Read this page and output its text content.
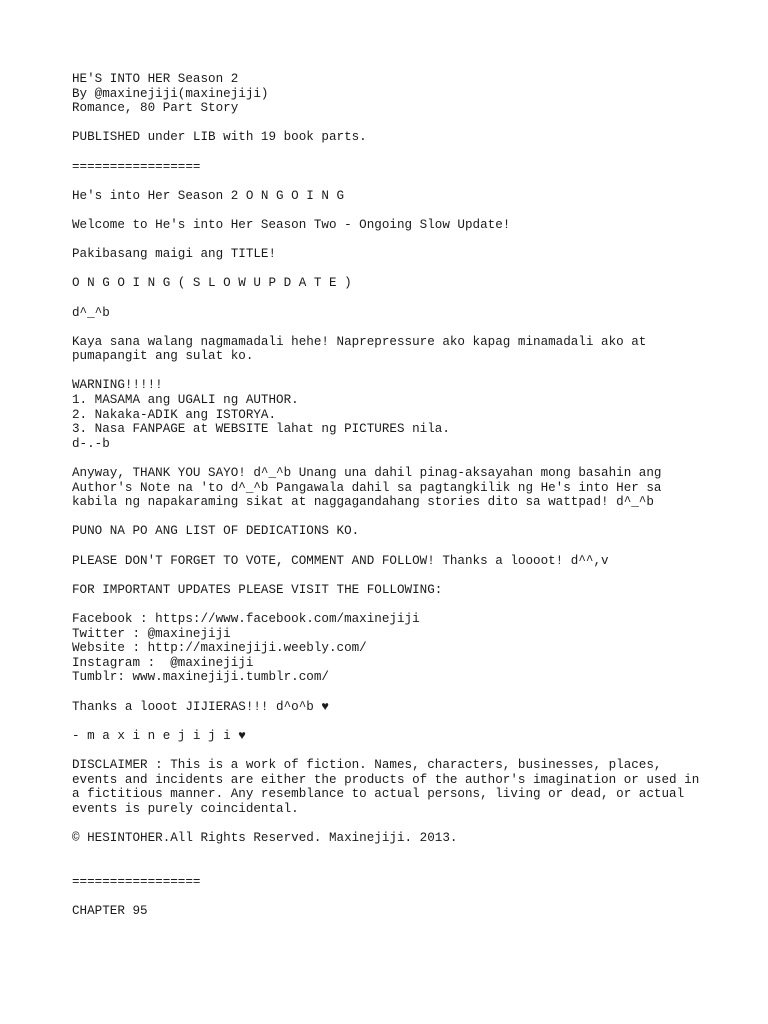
HE'S INTO HER Season 2
By @maxinejiji(maxinejiji)
Romance, 80 Part Story
PUBLISHED under LIB with 19 book parts.
=================
He's into Her Season 2 O N G O I N G
Welcome to He's into Her Season Two - Ongoing Slow Update!
Pakibasang maigi ang TITLE!
O N G O I N G ( S L O W U P D A T E )
d^_^b
Kaya sana walang nagmamadali hehe! Naprepressure ako kapag minamadali ako at
pumapangit ang sulat ko.
WARNING!!!!!
1. MASAMA ang UGALI ng AUTHOR.
2. Nakaka-ADIK ang ISTORYA.
3. Nasa FANPAGE at WEBSITE lahat ng PICTURES nila.
d-.-b
Anyway, THANK YOU SAYO! d^_^b Unang una dahil pinag-aksayahan mong basahin ang
Author's Note na 'to d^_^b Pangawala dahil sa pagtangkilik ng He's into Her sa
kabila ng napakaraming sikat at naggagandahang stories dito sa wattpad! d^_^b
PUNO NA PO ANG LIST OF DEDICATIONS KO.
PLEASE DON'T FORGET TO VOTE, COMMENT AND FOLLOW! Thanks a loooot! d^^,v
FOR IMPORTANT UPDATES PLEASE VISIT THE FOLLOWING:
Facebook : https://www.facebook.com/maxinejiji
Twitter : @maxinejiji
Website : http://maxinejiji.weebly.com/
Instagram :  @maxinejiji
Tumblr: www.maxinejiji.tumblr.com/
Thanks a looot JIJIERAS!!! d^o^b ♥
- m a x i n e j i j i ♥
DISCLAIMER : This is a work of fiction. Names, characters, businesses, places,
events and incidents are either the products of the author's imagination or used in
a fictitious manner. Any resemblance to actual persons, living or dead, or actual
events is purely coincidental.
© HESINTOHER.All Rights Reserved. Maxinejiji. 2013.
=================
CHAPTER 95
